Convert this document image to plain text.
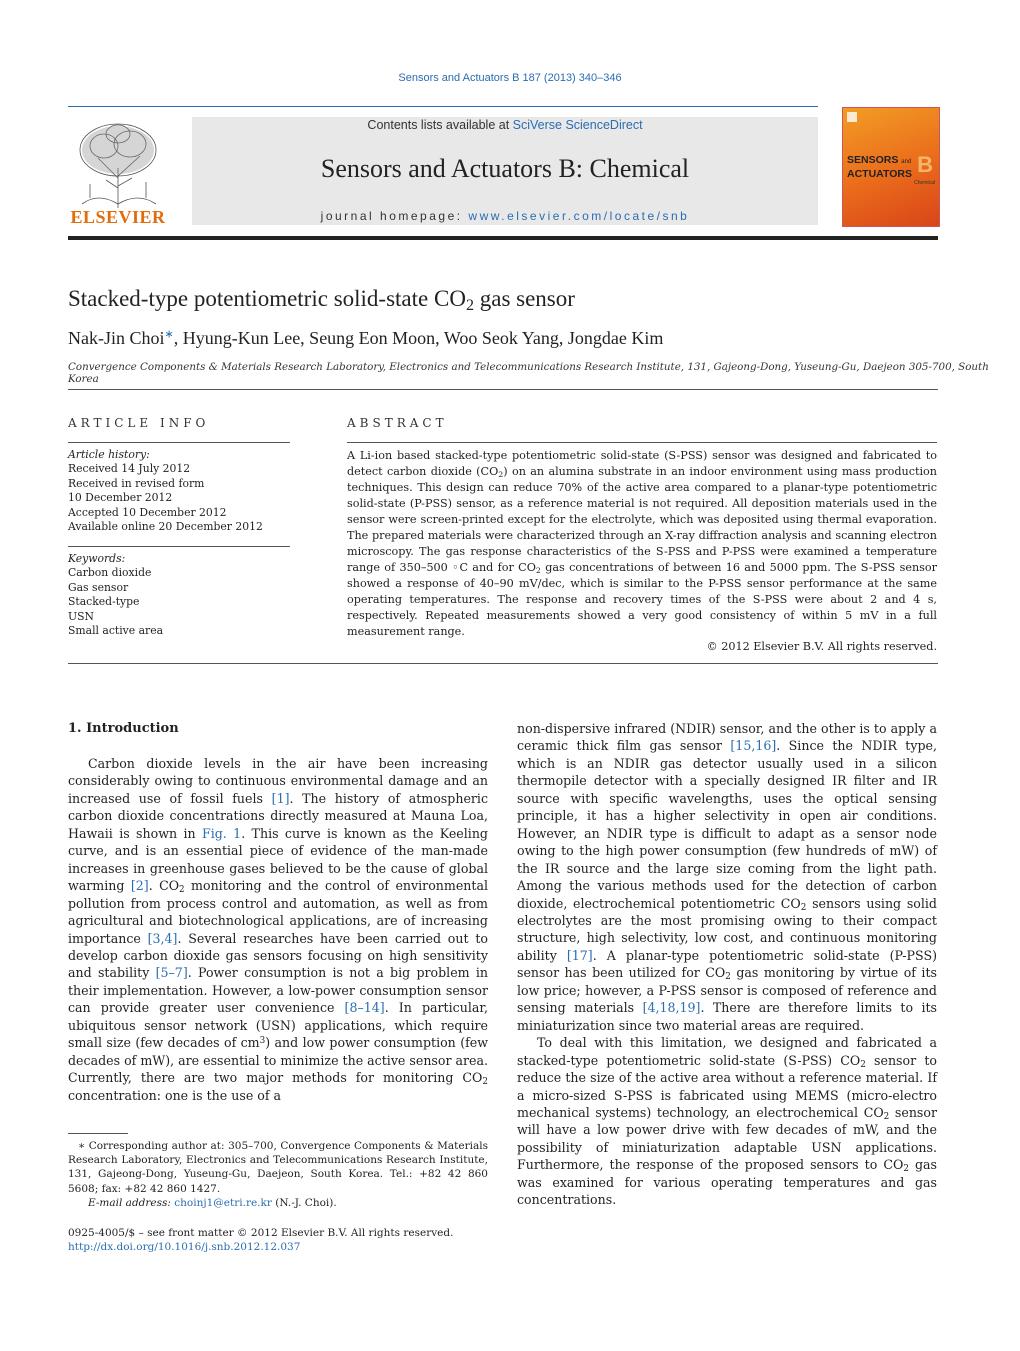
Sensors and Actuators B 187 (2013) 340–346
ELSEVIER
Contents lists available at SciVerse ScienceDirect
Sensors and Actuators B: Chemical
journal homepage: www.elsevier.com/locate/snb
SENSORS and
ACTUATORS B
Chemical
Stacked-type potentiometric solid-state $CO_2$ gas sensor
Nak-Jin Choi∗, Hyung-Kun Lee, Seung Eon Moon, Woo Seok Yang, Jongdae Kim
Convergence Components & Materials Research Laboratory, Electronics and Telecommunications Research Institute, 131, Gajeong-Dong, Yuseung-Gu, Daejeon 305-700, South Korea
ARTICLE INFO
Article history:
Received 14 July 2012
Received in revised form
10 December 2012
Accepted 10 December 2012
Available online 20 December 2012
Keywords:
Carbon dioxide
Gas sensor
Stacked-type
USN
Small active area
ABSTRACT
A Li-ion based stacked-type potentiometric solid-state (S-PSS) sensor was designed and fabricated to detect carbon dioxide $(CO_2)$ on an alumina substrate in an indoor environment using mass production techniques. This design can reduce 70% of the active area compared to a planar-type potentiometric solid-state (P-PSS) sensor, as a reference material is not required. All deposition materials used in the sensor were screen-printed except for the electrolyte, which was deposited using thermal evaporation. The prepared materials were characterized through an X-ray diffraction analysis and scanning electron microscopy. The gas response characteristics of the S-PSS and P-PSS were examined a temperature range of 350–500 ◦C and for $CO_2$ gas concentrations of between 16 and 5000 ppm. The S-PSS sensor showed a response of 40–90 mV/dec, which is similar to the P-PSS sensor performance at the same operating temperatures. The response and recovery times of the S-PSS were about 2 and 4 s, respectively. Repeated measurements showed a very good consistency of within 5 mV in a full measurement range.
© 2012 Elsevier B.V. All rights reserved.
1. Introduction

Carbon dioxide levels in the air have been increasing considerably owing to continuous environmental damage and an increased use of fossil fuels [1]. The history of atmospheric carbon dioxide concentrations directly measured at Mauna Loa, Hawaii is shown in Fig. 1. This curve is known as the Keeling curve, and is an essential piece of evidence of the man-made increases in greenhouse gases believed to be the cause of global warming [2]. $CO_2$ monitoring and the control of environmental pollution from process control and automation, as well as from agricultural and biotechnological applications, are of increasing importance [3,4]. Several researches have been carried out to develop carbon dioxide gas sensors focusing on high sensitivity and stability [5–7]. Power consumption is not a big problem in their implementation. However, a low-power consumption sensor can provide greater user convenience [8–14]. In particular, ubiquitous sensor network (USN) applications, which require small size (few decades of $cm^3$) and low power consumption (few decades of mW), are essential to minimize the active sensor area. Currently, there are two major methods for monitoring $CO_2$ concentration: one is the use of a

non-dispersive infrared (NDIR) sensor, and the other is to apply a ceramic thick film gas sensor [15,16]. Since the NDIR type, which is an NDIR gas detector usually used in a silicon thermopile detector with a specially designed IR filter and IR source with specific wavelengths, uses the optical sensing principle, it has a higher selectivity in open air conditions. However, an NDIR type is difficult to adapt as a sensor node owing to the high power consumption (few hundreds of mW) of the IR source and the large size coming from the light path. Among the various methods used for the detection of carbon dioxide, electrochemical potentiometric $CO_2$ sensors using solid electrolytes are the most promising owing to their compact structure, high selectivity, low cost, and continuous monitoring ability [17]. A planar-type potentiometric solid-state (P-PSS) sensor has been utilized for $CO_2$ gas monitoring by virtue of its low price; however, a P-PSS sensor is composed of reference and sensing materials [4,18,19]. There are therefore limits to its miniaturization since two material areas are required.

To deal with this limitation, we designed and fabricated a stacked-type potentiometric solid-state (S-PSS) $CO_2$ sensor to reduce the size of the active area without a reference material. If a micro-sized S-PSS is fabricated using MEMS (micro-electro mechanical systems) technology, an electrochemical $CO_2$ sensor will have a low power drive with few decades of mW, and the possibility of miniaturization adaptable USN applications. Furthermore, the response of the proposed sensors to $CO_2$ gas was examined for various operating temperatures and gas concentrations.

∗ Corresponding author at: 305–700, Convergence Components & Materials Research Laboratory, Electronics and Telecommunications Research Institute, 131, Gajeong-Dong, Yuseung-Gu, Daejeon, South Korea. Tel.: +82 42 860 5608; fax: +82 42 860 1427.
E-mail address: choinj1@etri.re.kr (N.-J. Choi).
0925-4005/$ – see front matter © 2012 Elsevier B.V. All rights reserved.
http://dx.doi.org/10.1016/j.snb.2012.12.037
